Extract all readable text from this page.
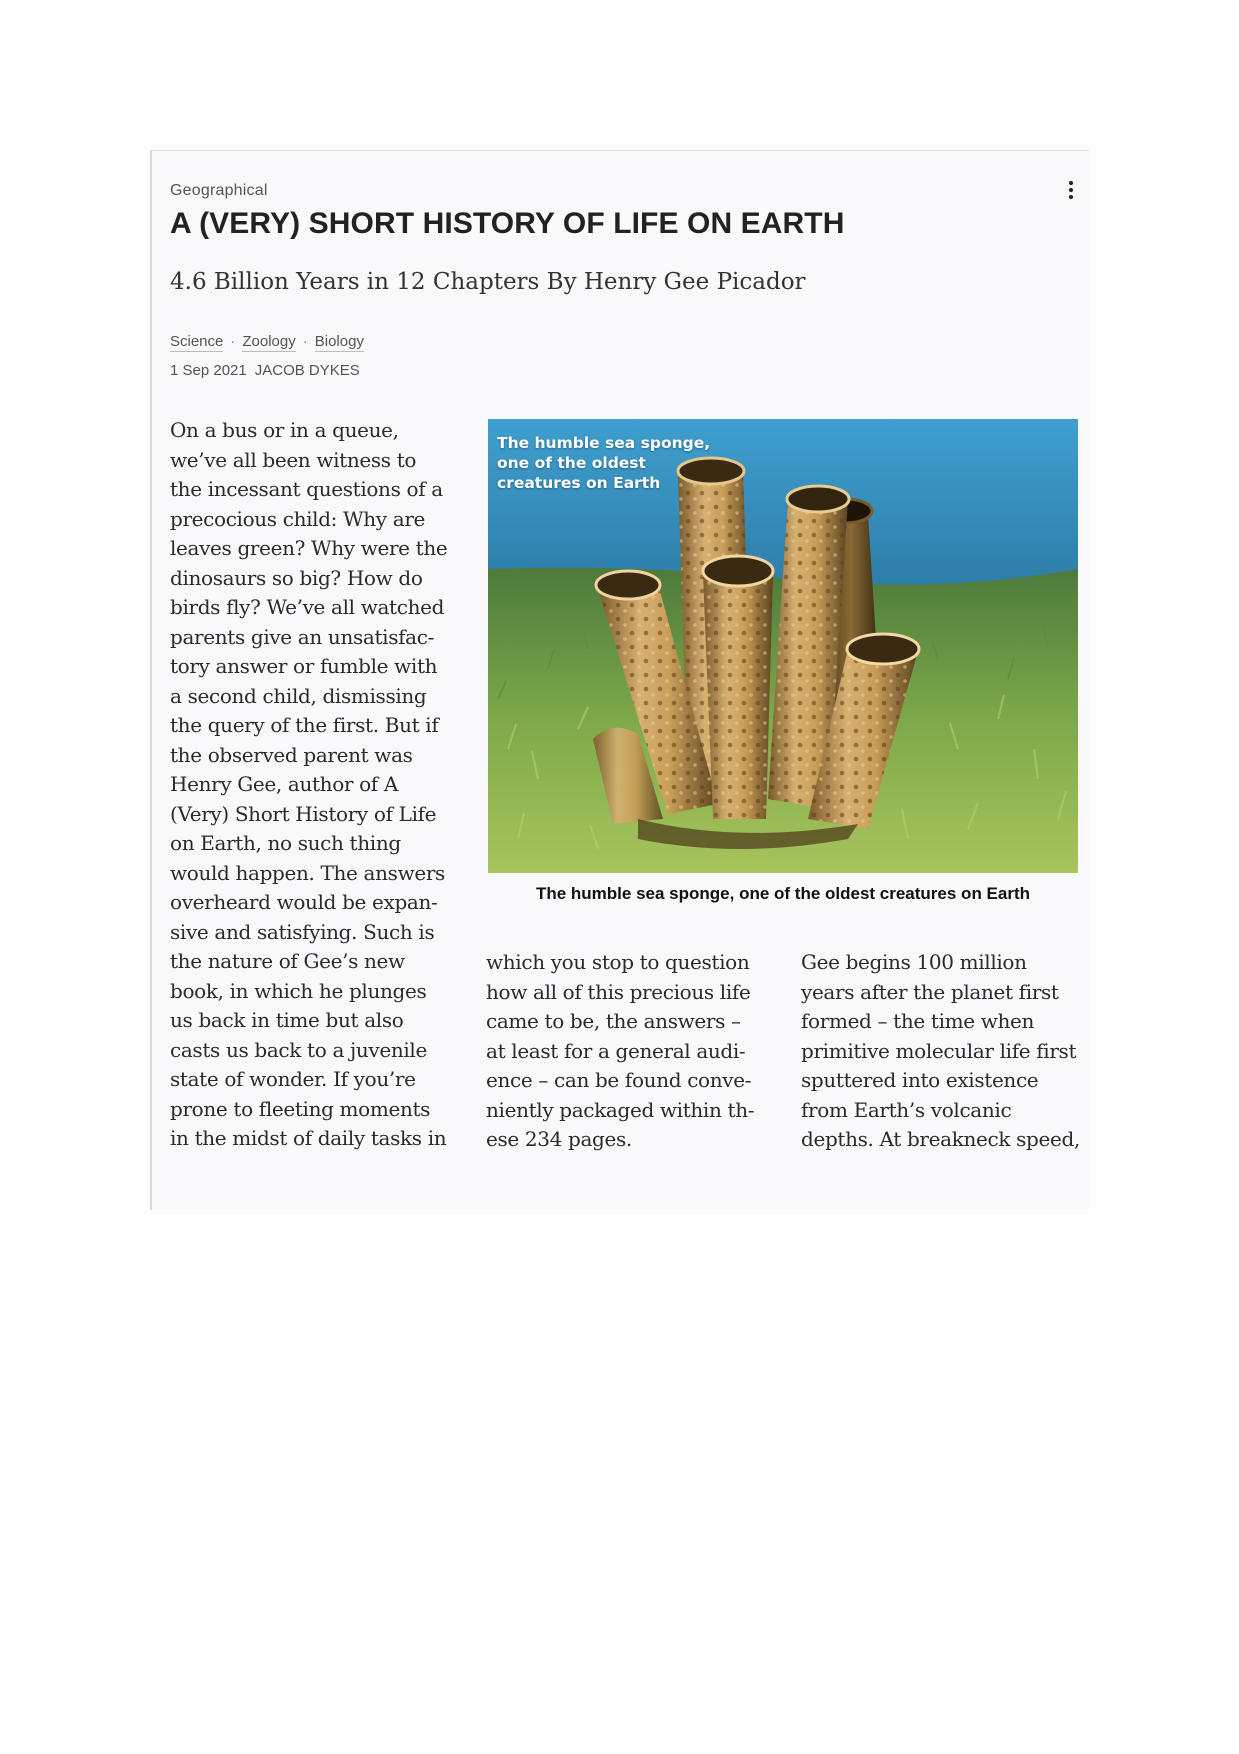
Geographical
A (VERY) SHORT HISTORY OF LIFE ON EARTH
4.6 Billion Years in 12 Chapters By Henry Gee Picador
Science · Zoology · Biology
1 Sep 2021 JACOB DYKES

On a bus or in a queue,
we’ve all been witness to
the incessant questions of a
precocious child: Why are
leaves green? Why were the
dinosaurs so big? How do
birds fly? We’ve all watched
parents give an unsatisfac-
tory answer or fumble with
a second child, dismissing
the query of the first. But if
the observed parent was
Henry Gee, author of A
(Very) Short History of Life
on Earth, no such thing
would happen. The answers
overheard would be expan-
sive and satisfying. Such is
the nature of Gee’s new
book, in which he plunges
us back in time but also
casts us back to a juvenile
state of wonder. If you’re
prone to fleeting moments
in the midst of daily tasks in

The humble sea sponge, one of the oldest creatures on Earth
The humble sea sponge, one of the oldest creatures on Earth

which you stop to question
how all of this precious life
came to be, the answers –
at least for a general audi-
ence – can be found conve-
niently packaged within th-
ese 234 pages.

Gee begins 100 million
years after the planet first
formed – the time when
primitive molecular life first
sputtered into existence
from Earth’s volcanic
depths. At breakneck speed,
